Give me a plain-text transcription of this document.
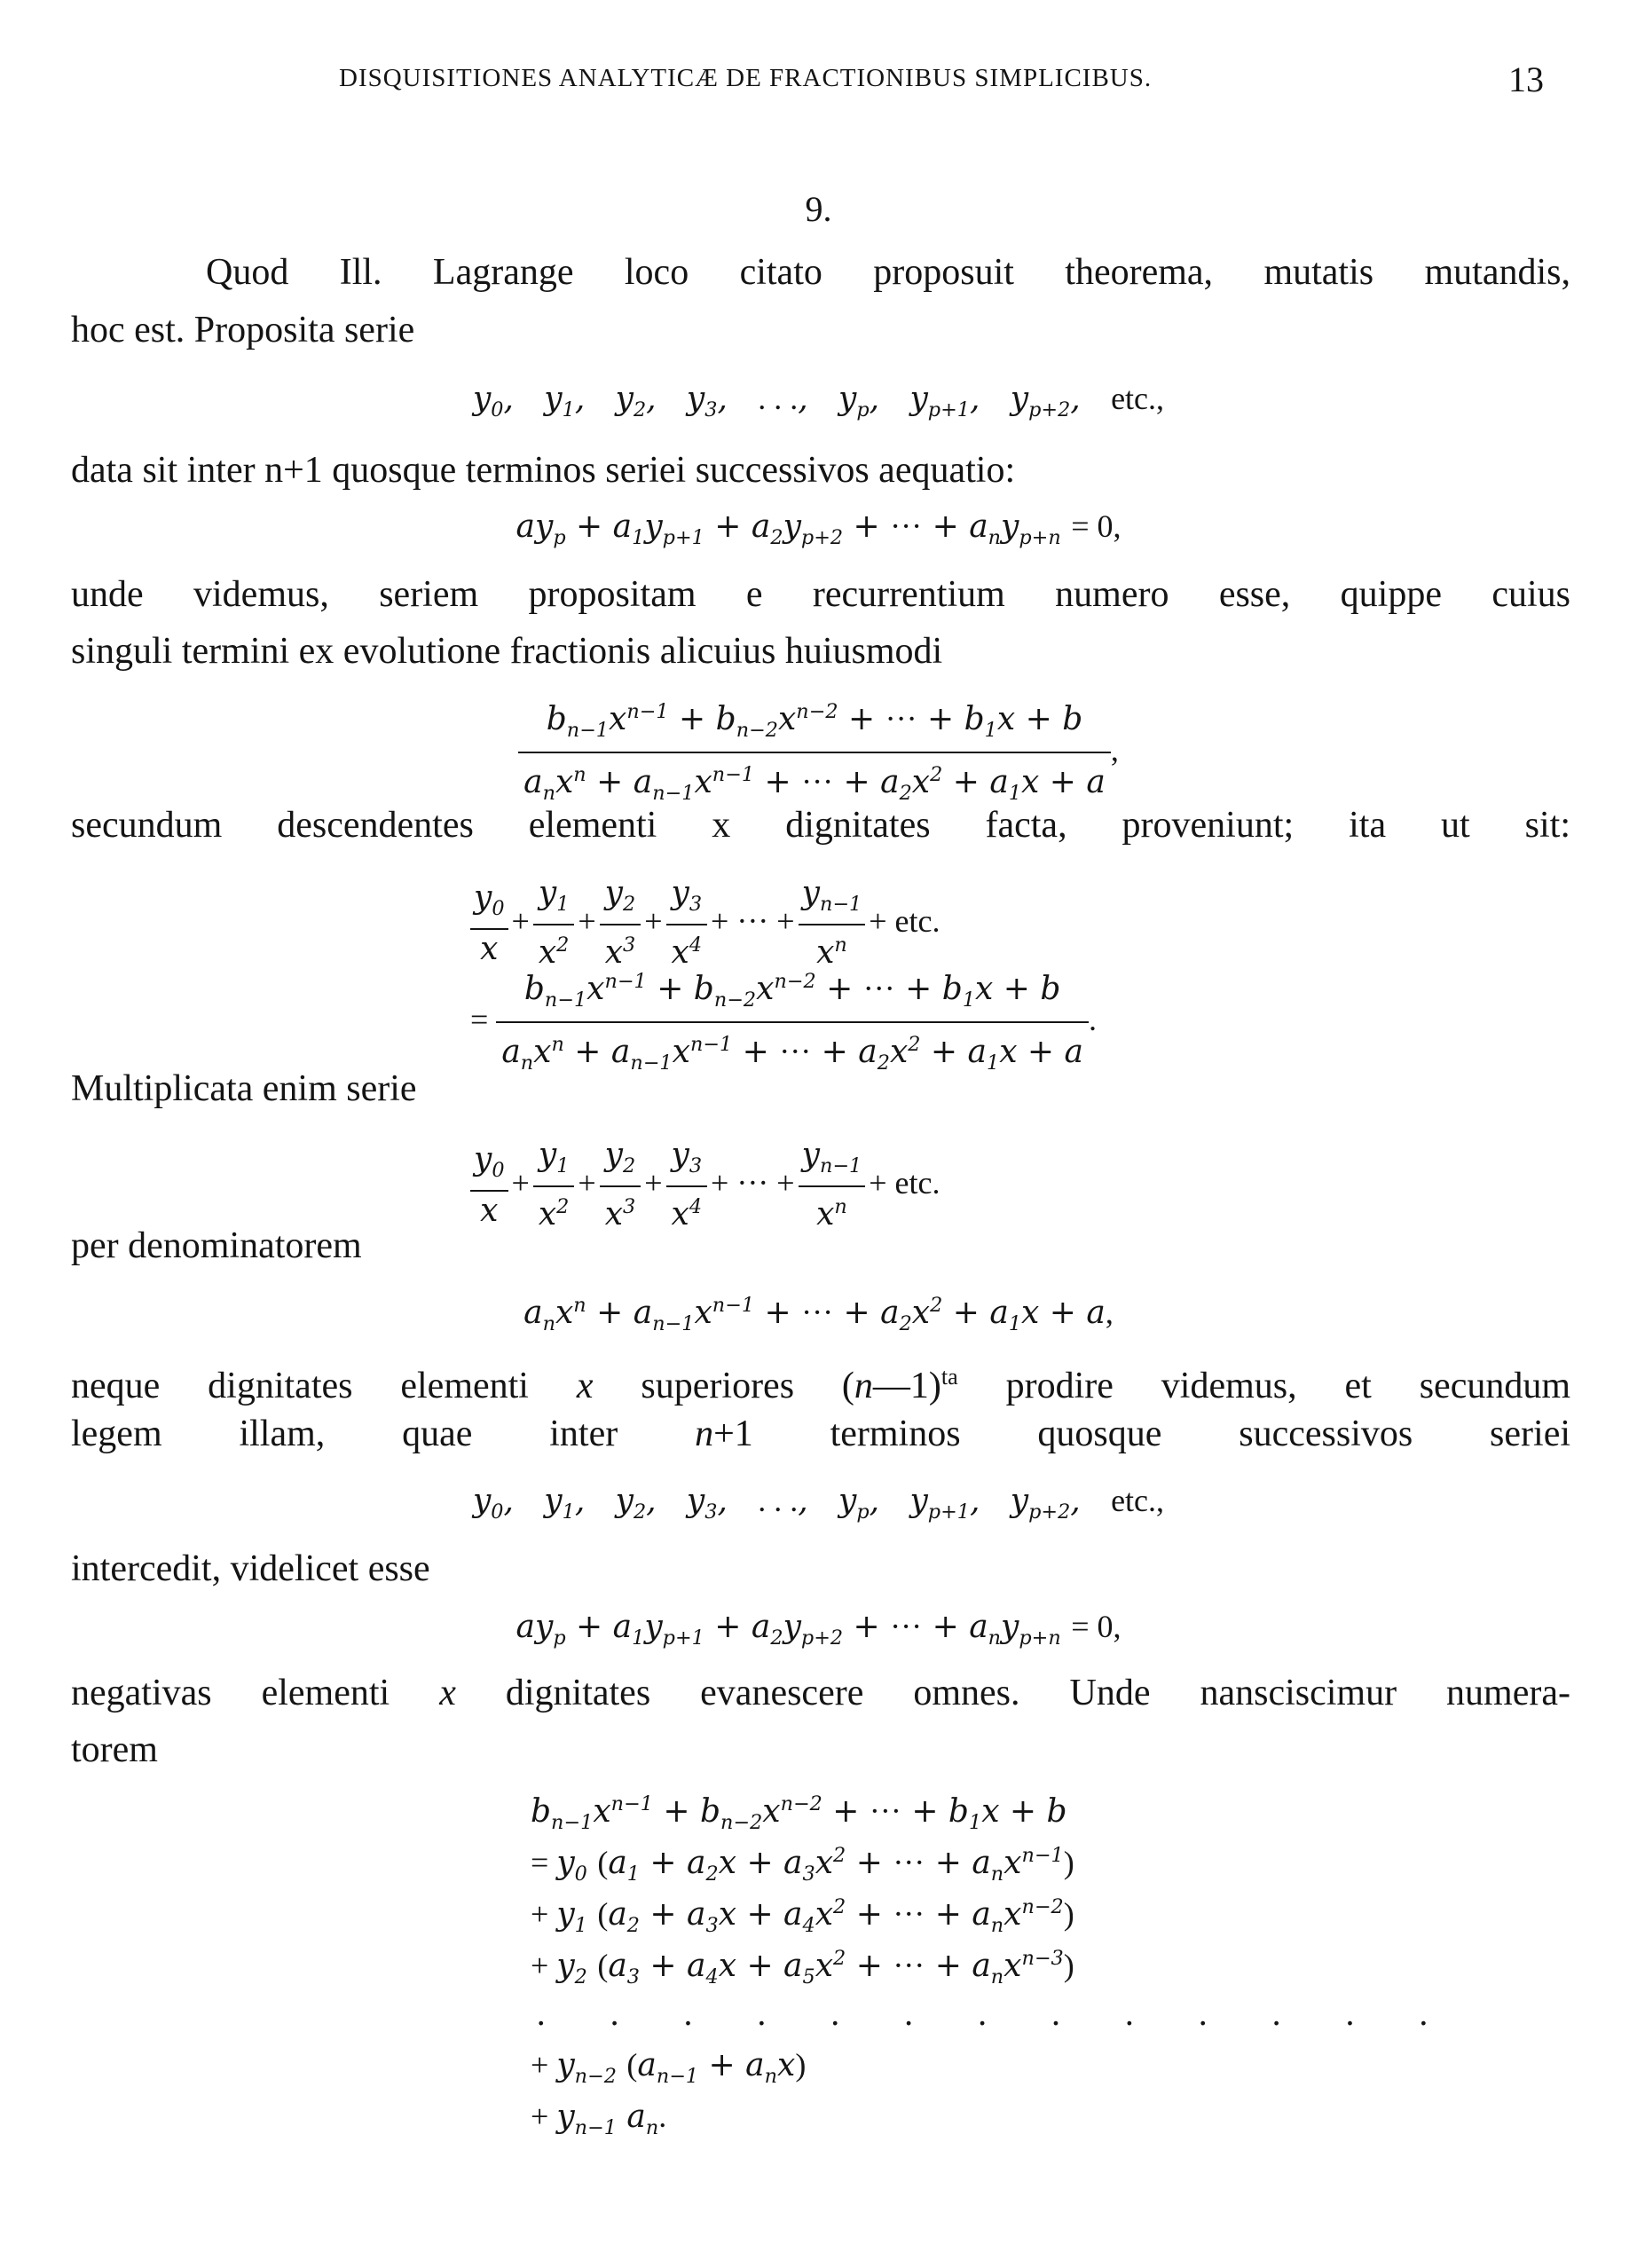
DISQUISITIONES ANALYTICÆ DE FRACTIONIBUS SIMPLICIBUS.	13
9.
Quod Ill. Lagrange loco citato proposuit theorema, mutatis mutandis,
hoc est. Proposita serie
$y_0$,   $y_1$,   $y_2$,   $y_3$,   . . .,   $y_p$,   $y_{p+1}$,   $y_{p+2}$,   etc.,
data sit inter n+1 quosque terminos seriei successivos aequatio:
$ay_p + a_1y_{p+1} + a_2y_{p+2}$ + ··· + $a_ny_{p+n} = 0$,
unde videmus, seriem propositam e recurrentium numero esse, quippe cuius
singuli termini ex evolutione fractionis alicuius huiusmodi
$\frac{b_{n-1}x^{n-1} + b_{n-2}x^{n-2} + \cdot\cdot\cdot + b_1x + b}{a_nx^n + a_{n-1}x^{n-1} + \cdot\cdot\cdot + a_2x^2 + a_1x + a}$ ,
secundum descendentes elementi x dignitates facta, proveniunt; ita ut sit:
$\frac{y_0}{x} + \frac{y_1}{x^2} + \frac{y_2}{x^3} + \frac{y_3}{x^4}$ + ··· + $\frac{y_{n-1}}{x^n}$ + etc.
= $\frac{b_{n-1}x^{n-1} + b_{n-2}x^{n-2} + \cdot\cdot\cdot + b_1x + b}{a_nx^n + a_{n-1}x^{n-1} + \cdot\cdot\cdot + a_2x^2 + a_1x + a}$ .
Multiplicata enim serie
$\frac{y_0}{x} + \frac{y_1}{x^2} + \frac{y_2}{x^3} + \frac{y_3}{x^4}$ + ··· + $\frac{y_{n-1}}{x^n}$ + etc.
per denominatorem
$a_nx^n + a_{n-1}x^{n-1}$ + ··· + $a_2x^2 + a_1x + a$,
neque dignitates elementi x superiores (n—1)$^{ta}$ prodire videmus, et secundum
legem illam, quae inter n+1 terminos quosque successivos seriei
$y_0$,   $y_1$,   $y_2$,   $y_3$,   . . .,   $y_p$,   $y_{p+1}$,   $y_{p+2}$,   etc.,
intercedit, videlicet esse
$ay_p + a_1y_{p+1} + a_2y_{p+2}$ + ··· + $a_ny_{p+n} = 0$,
negativas elementi x dignitates evanescere omnes. Unde nansciscimur numera-
torem
$b_{n-1}x^{n-1} + b_{n-2}x^{n-2}$ + ··· + $b_1x + b$
= $y_0$ ($a_1 + a_2x + a_3x^2$ + ··· + $a_nx^{n-1}$)
+ $y_1$ ($a_2 + a_3x + a_4x^2$ + ··· + $a_nx^{n-2}$)
+ $y_2$ ($a_3 + a_4x + a_5x^2$ + ··· + $a_nx^{n-3}$)
. . . . . . . . . . . . .
+ $y_{n-2}$ $(a_{n-1} + a_nx)$
+ $y_{n-1}$ $a_n$.
